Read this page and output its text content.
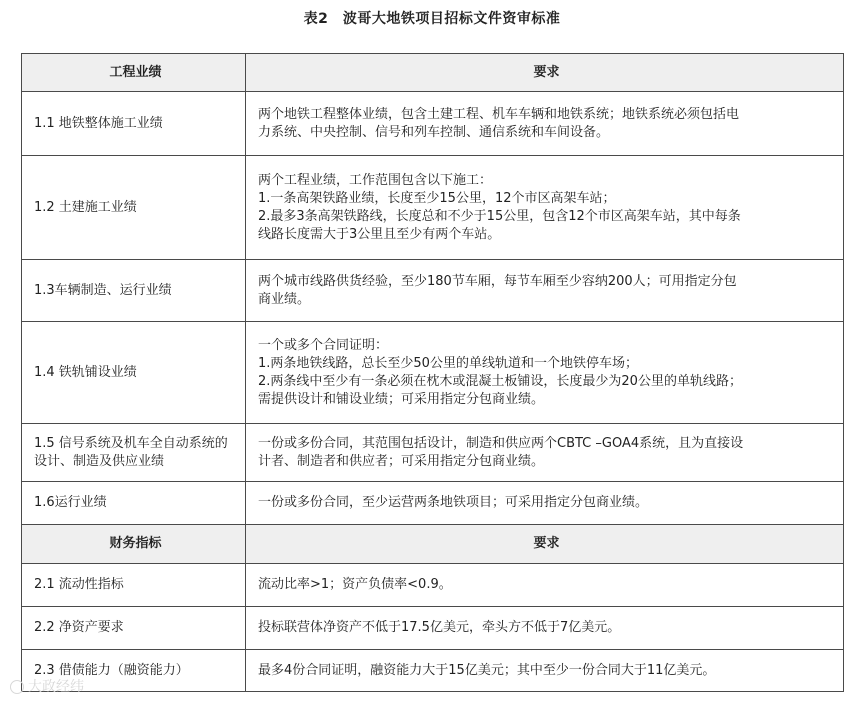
表2　波哥大地铁项目招标文件资审标准
工程业绩	要求
1.1 地铁整体施工业绩	两个地铁工程整体业绩，包含土建工程、机车车辆和地铁系统；地铁系统必须包括电
力系统、中央控制、信号和列车控制、通信系统和车间设备。

1.2 土建施工业绩	两个工程业绩，工作范围包含以下施工：
1.一条高架铁路业绩，长度至少15公里，12个市区高架车站；
2.最多3条高架铁路线，长度总和不少于15公里，包含12个市区高架车站，其中每条
线路长度需大于3公里且至少有两个车站。

1.3车辆制造、运行业绩	两个城市线路供货经验，至少180节车厢，每节车厢至少容纳200人；可用指定分包
商业绩。

1.4 铁轨铺设业绩	一个或多个合同证明：
1.两条地铁线路，总长至少50公里的单线轨道和一个地铁停车场；
2.两条线中至少有一条必须在枕木或混凝土板铺设，长度最少为20公里的单轨线路；
需提供设计和铺设业绩；可采用指定分包商业绩。

1.5 信号系统及机车全自动系统的设计、制造及供应业绩	一份或多份合同，其范围包括设计，制造和供应两个CBTC –GOA4系统，且为直接设
计者、制造者和供应者；可采用指定分包商业绩。

1.6运行业绩	一份或多份合同，至少运营两条地铁项目；可采用指定分包商业绩。

财务指标	要求
2.1 流动性指标	流动比率>1；资产负债率<0.9。

2.2 净资产要求	投标联营体净资产不低于17.5亿美元，牵头方不低于7亿美元。

2.3 借债能力（融资能力）	最多4份合同证明，融资能力大于15亿美元；其中至少一份合同大于11亿美元。
大政经纬
